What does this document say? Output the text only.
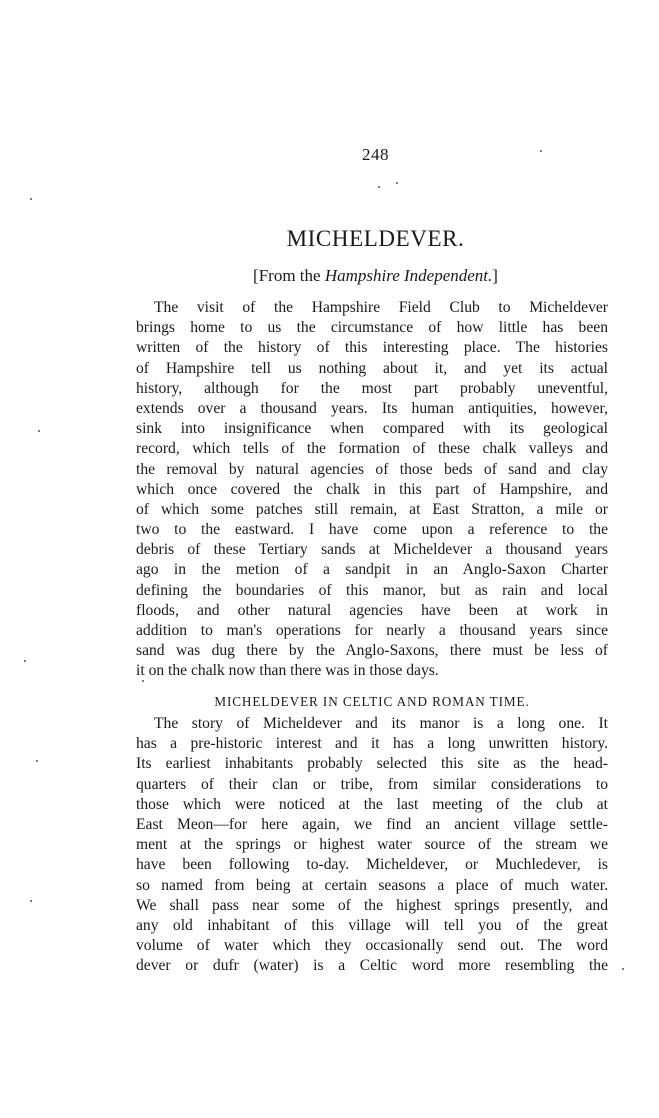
248
MICHELDEVER.
[From the Hampshire Independent.]
The visit of the Hampshire Field Club to Micheldever
brings home to us the circumstance of how little has been
written of the history of this interesting place. The histories
of Hampshire tell us nothing about it, and yet its actual
history, although for the most part probably uneventful,
extends over a thousand years. Its human antiquities, however,
sink into insignificance when compared with its geological
record, which tells of the formation of these chalk valleys and
the removal by natural agencies of those beds of sand and clay
which once covered the chalk in this part of Hampshire, and
of which some patches still remain, at East Stratton, a mile or
two to the eastward. I have come upon a reference to the
debris of these Tertiary sands at Micheldever a thousand years
ago in the metion of a sandpit in an Anglo-Saxon Charter
defining the boundaries of this manor, but as rain and local
floods, and other natural agencies have been at work in
addition to man's operations for nearly a thousand years since
sand was dug there by the Anglo-Saxons, there must be less of
it on the chalk now than there was in those days.
MICHELDEVER IN CELTIC AND ROMAN TIME.
The story of Micheldever and its manor is a long one. It
has a pre-historic interest and it has a long unwritten history.
Its earliest inhabitants probably selected this site as the head-
quarters of their clan or tribe, from similar considerations to
those which were noticed at the last meeting of the club at
East Meon—for here again, we find an ancient village settle-
ment at the springs or highest water source of the stream we
have been following to-day. Micheldever, or Muchledever, is
so named from being at certain seasons a place of much water.
We shall pass near some of the highest springs presently, and
any old inhabitant of this village will tell you of the great
volume of water which they occasionally send out. The word
dever or dufr (water) is a Celtic word more resembling the
